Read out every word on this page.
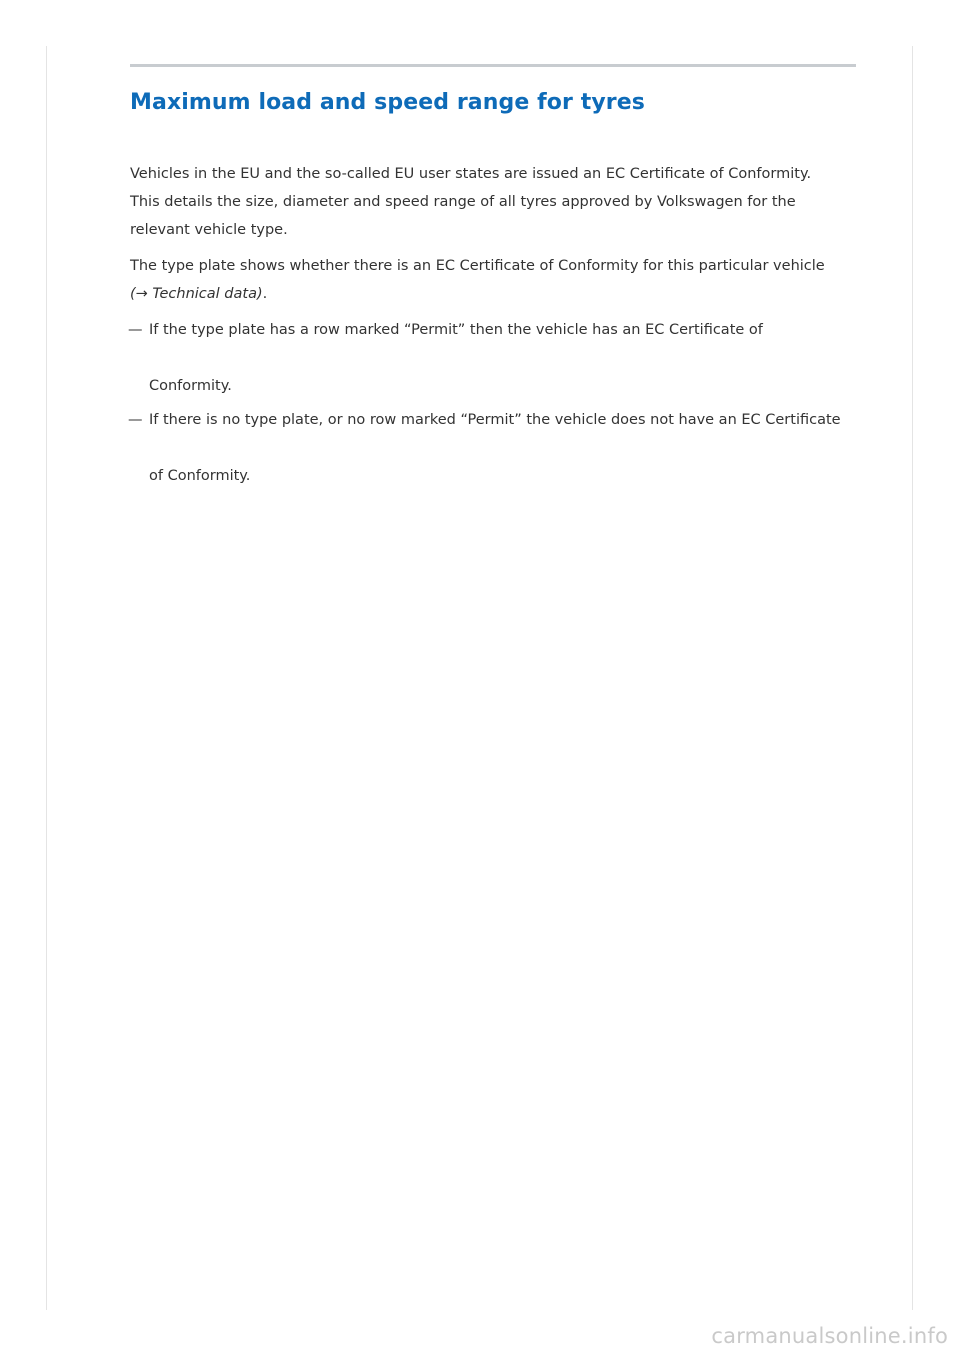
Maximum load and speed range for tyres

Vehicles in the EU and the so-called EU user states are issued an EC Certificate of Conformity.
This details the size, diameter and speed range of all tyres approved by Volkswagen for the
relevant vehicle type.

The type plate shows whether there is an EC Certificate of Conformity for this particular vehicle
(→ Technical data).

— If the type plate has a row marked “Permit” then the vehicle has an EC Certificate of

Conformity.
— If there is no type plate, or no row marked “Permit” the vehicle does not have an EC Certificate

of Conformity.
carmanualsonline.info
